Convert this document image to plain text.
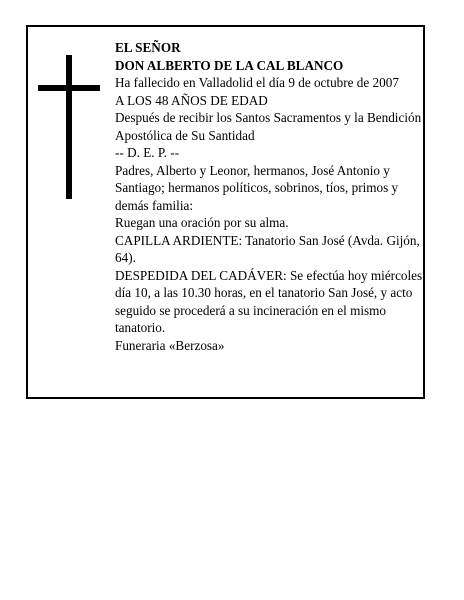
EL SEÑOR

DON ALBERTO DE LA CAL BLANCO

Ha fallecido en Valladolid el día 9 de octubre de 2007

A LOS 48 AÑOS DE EDAD

Después de recibir los Santos Sacramentos y la Bendición Apostólica de Su Santidad

-- D. E. P. --

Padres, Alberto y Leonor, hermanos, José Antonio y Santiago; hermanos políticos, sobrinos, tíos, primos y demás familia:

Ruegan una oración por su alma.

CAPILLA ARDIENTE: Tanatorio San José (Avda. Gijón, 64).

DESPEDIDA DEL CADÁVER: Se efectúa hoy miércoles día 10, a las 10.30 horas, en el tanatorio San José, y acto seguido se procederá a su incineración en el mismo tanatorio.

Funeraria «Berzosa»
